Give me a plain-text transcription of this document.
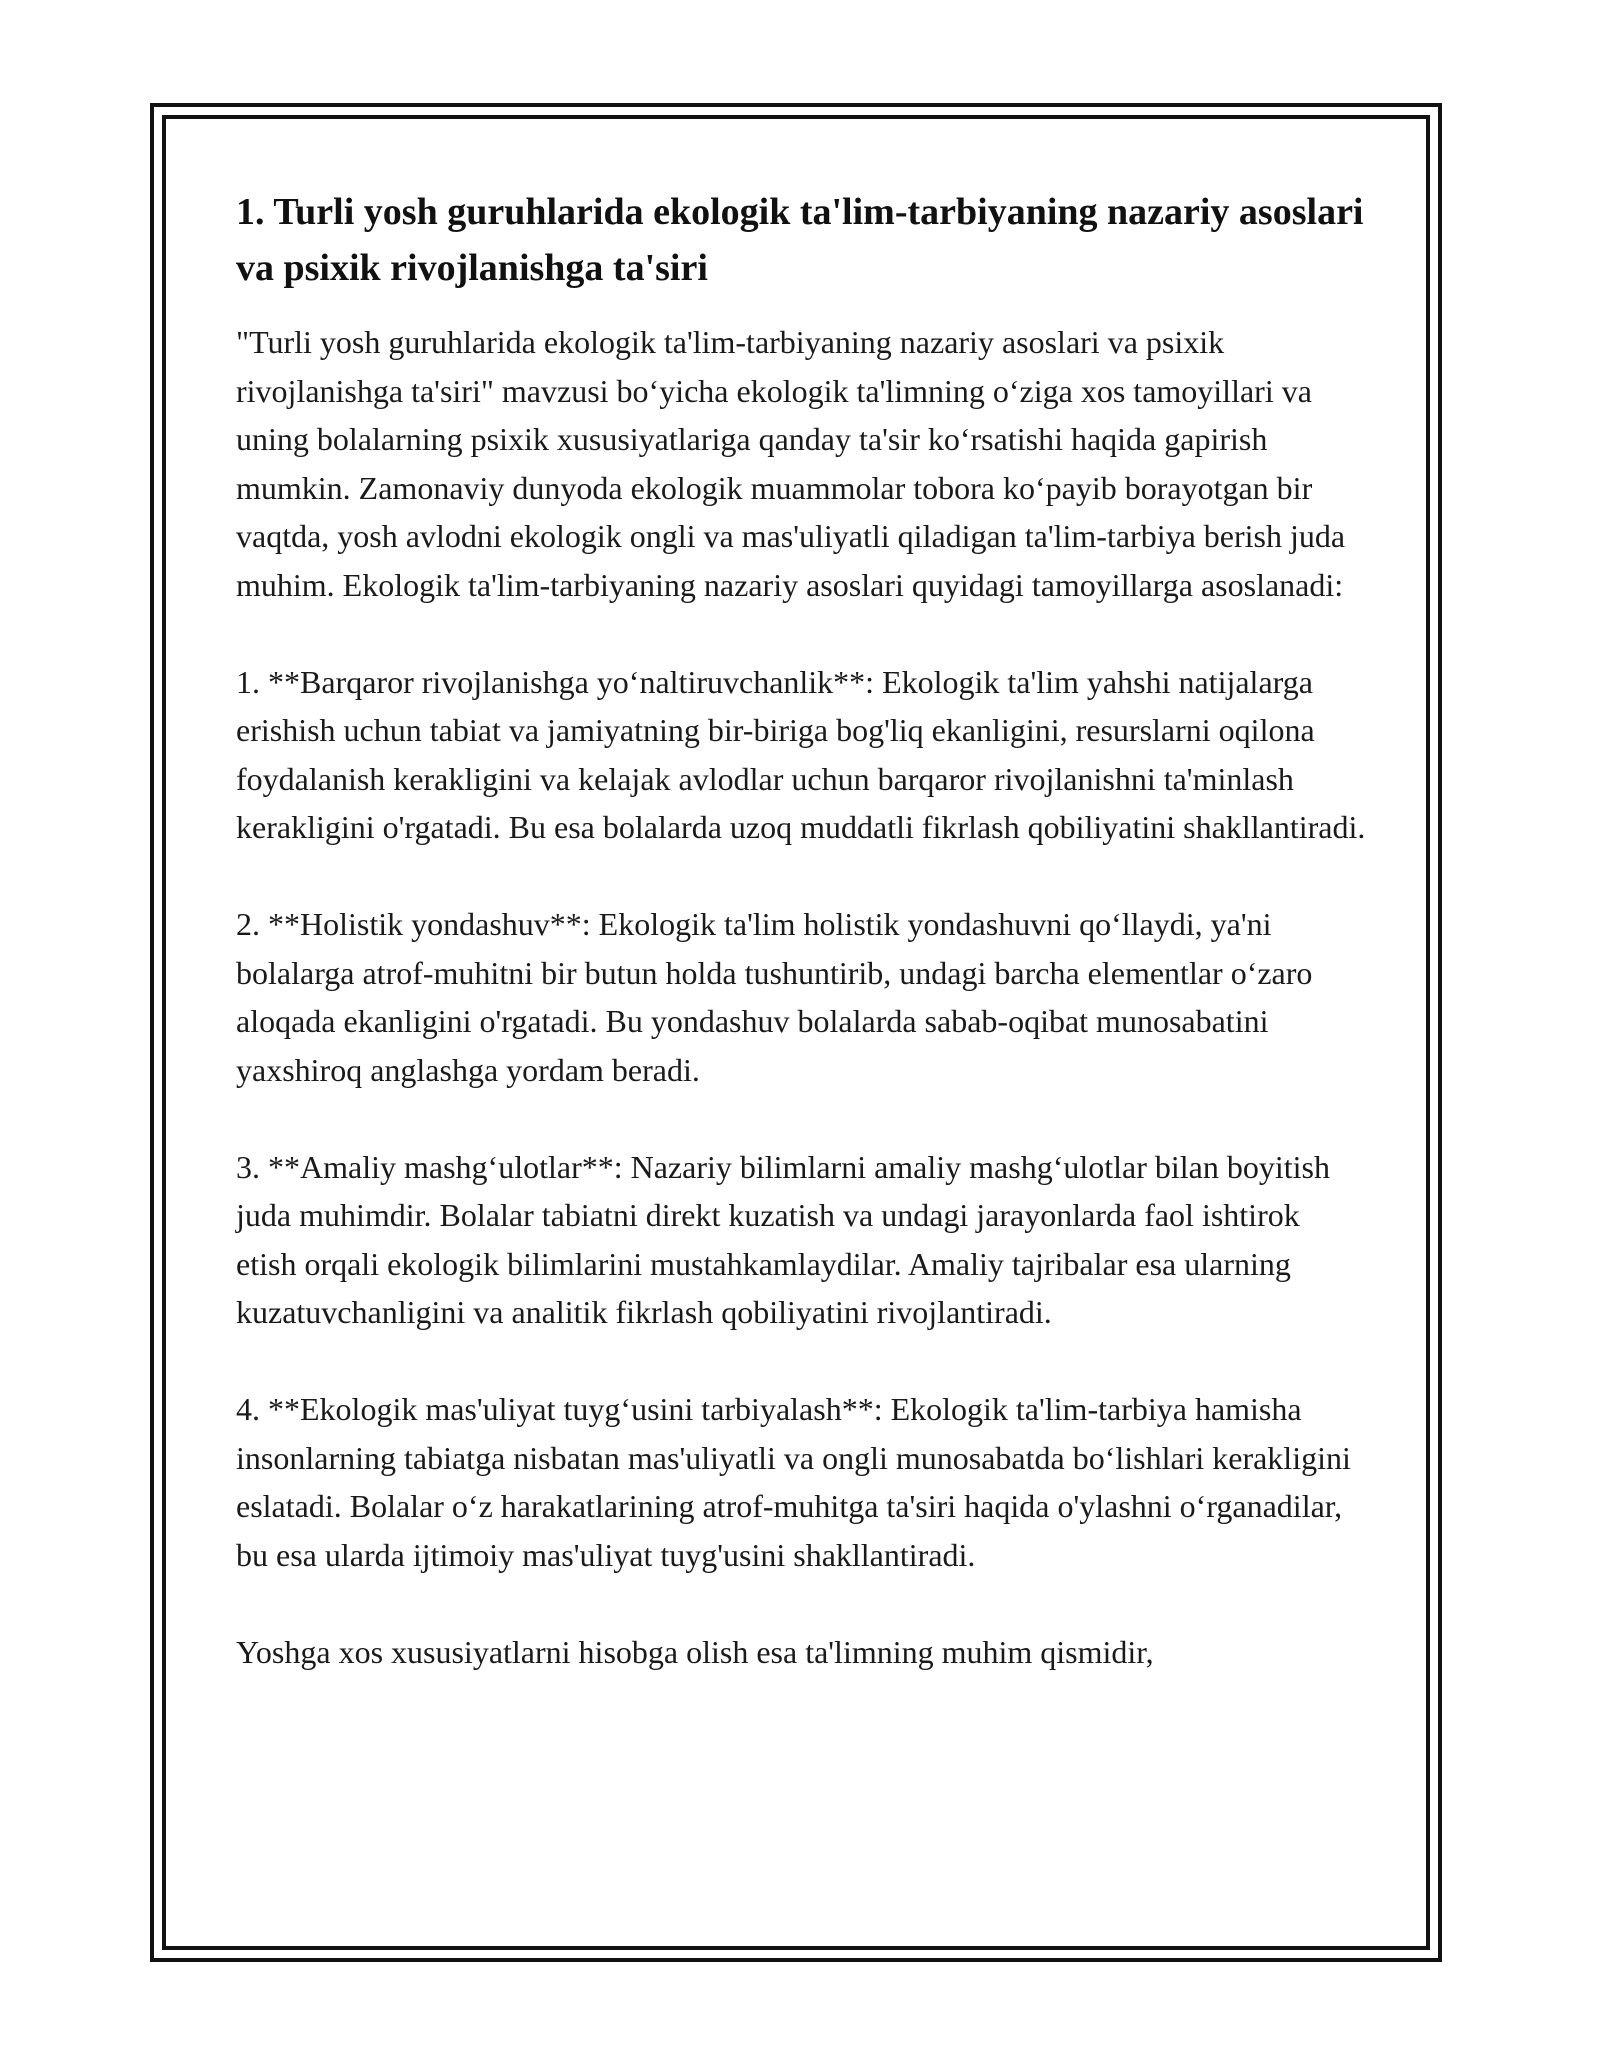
1. Turli yosh guruhlarida ekologik ta'lim-tarbiyaning nazariy asoslari va psixik rivojlanishga ta'siri

"Turli yosh guruhlarida ekologik ta'lim-tarbiyaning nazariy asoslari va psixik rivojlanishga ta'siri" mavzusi bo‘yicha ekologik ta'limning o‘ziga xos tamoyillari va uning bolalarning psixik xususiyatlariga qanday ta'sir ko‘rsatishi haqida gapirish mumkin. Zamonaviy dunyoda ekologik muammolar tobora ko‘payib borayotgan bir vaqtda, yosh avlodni ekologik ongli va mas'uliyatli qiladigan ta'lim-tarbiya berish juda muhim. Ekologik ta'lim-tarbiyaning nazariy asoslari quyidagi tamoyillarga asoslanadi:

1. **Barqaror rivojlanishga yo‘naltiruvchanlik**: Ekologik ta'lim yahshi natijalarga erishish uchun tabiat va jamiyatning bir-biriga bog'liq ekanligini, resurslarni oqilona foydalanish kerakligini va kelajak avlodlar uchun barqaror rivojlanishni ta'minlash kerakligini o'rgatadi. Bu esa bolalarda uzoq muddatli fikrlash qobiliyatini shakllantiradi.

2. **Holistik yondashuv**: Ekologik ta'lim holistik yondashuvni qo‘llaydi, ya'ni bolalarga atrof-muhitni bir butun holda tushuntirib, undagi barcha elementlar o‘zaro aloqada ekanligini o'rgatadi. Bu yondashuv bolalarda sabab-oqibat munosabatini yaxshiroq anglashga yordam beradi.

3. **Amaliy mashg‘ulotlar**: Nazariy bilimlarni amaliy mashg‘ulotlar bilan boyitish juda muhimdir. Bolalar tabiatni direkt kuzatish va undagi jarayonlarda faol ishtirok etish orqali ekologik bilimlarini mustahkamlaydilar. Amaliy tajribalar esa ularning kuzatuvchanligini va analitik fikrlash qobiliyatini rivojlantiradi.

4. **Ekologik mas'uliyat tuyg‘usini tarbiyalash**: Ekologik ta'lim-tarbiya hamisha insonlarning tabiatga nisbatan mas'uliyatli va ongli munosabatda bo‘lishlari kerakligini eslatadi. Bolalar o‘z harakatlarining atrof-muhitga ta'siri haqida o'ylashni o‘rganadilar, bu esa ularda ijtimoiy mas'uliyat tuyg'usini shakllantiradi.

Yoshga xos xususiyatlarni hisobga olish esa ta'limning muhim qismidir,
